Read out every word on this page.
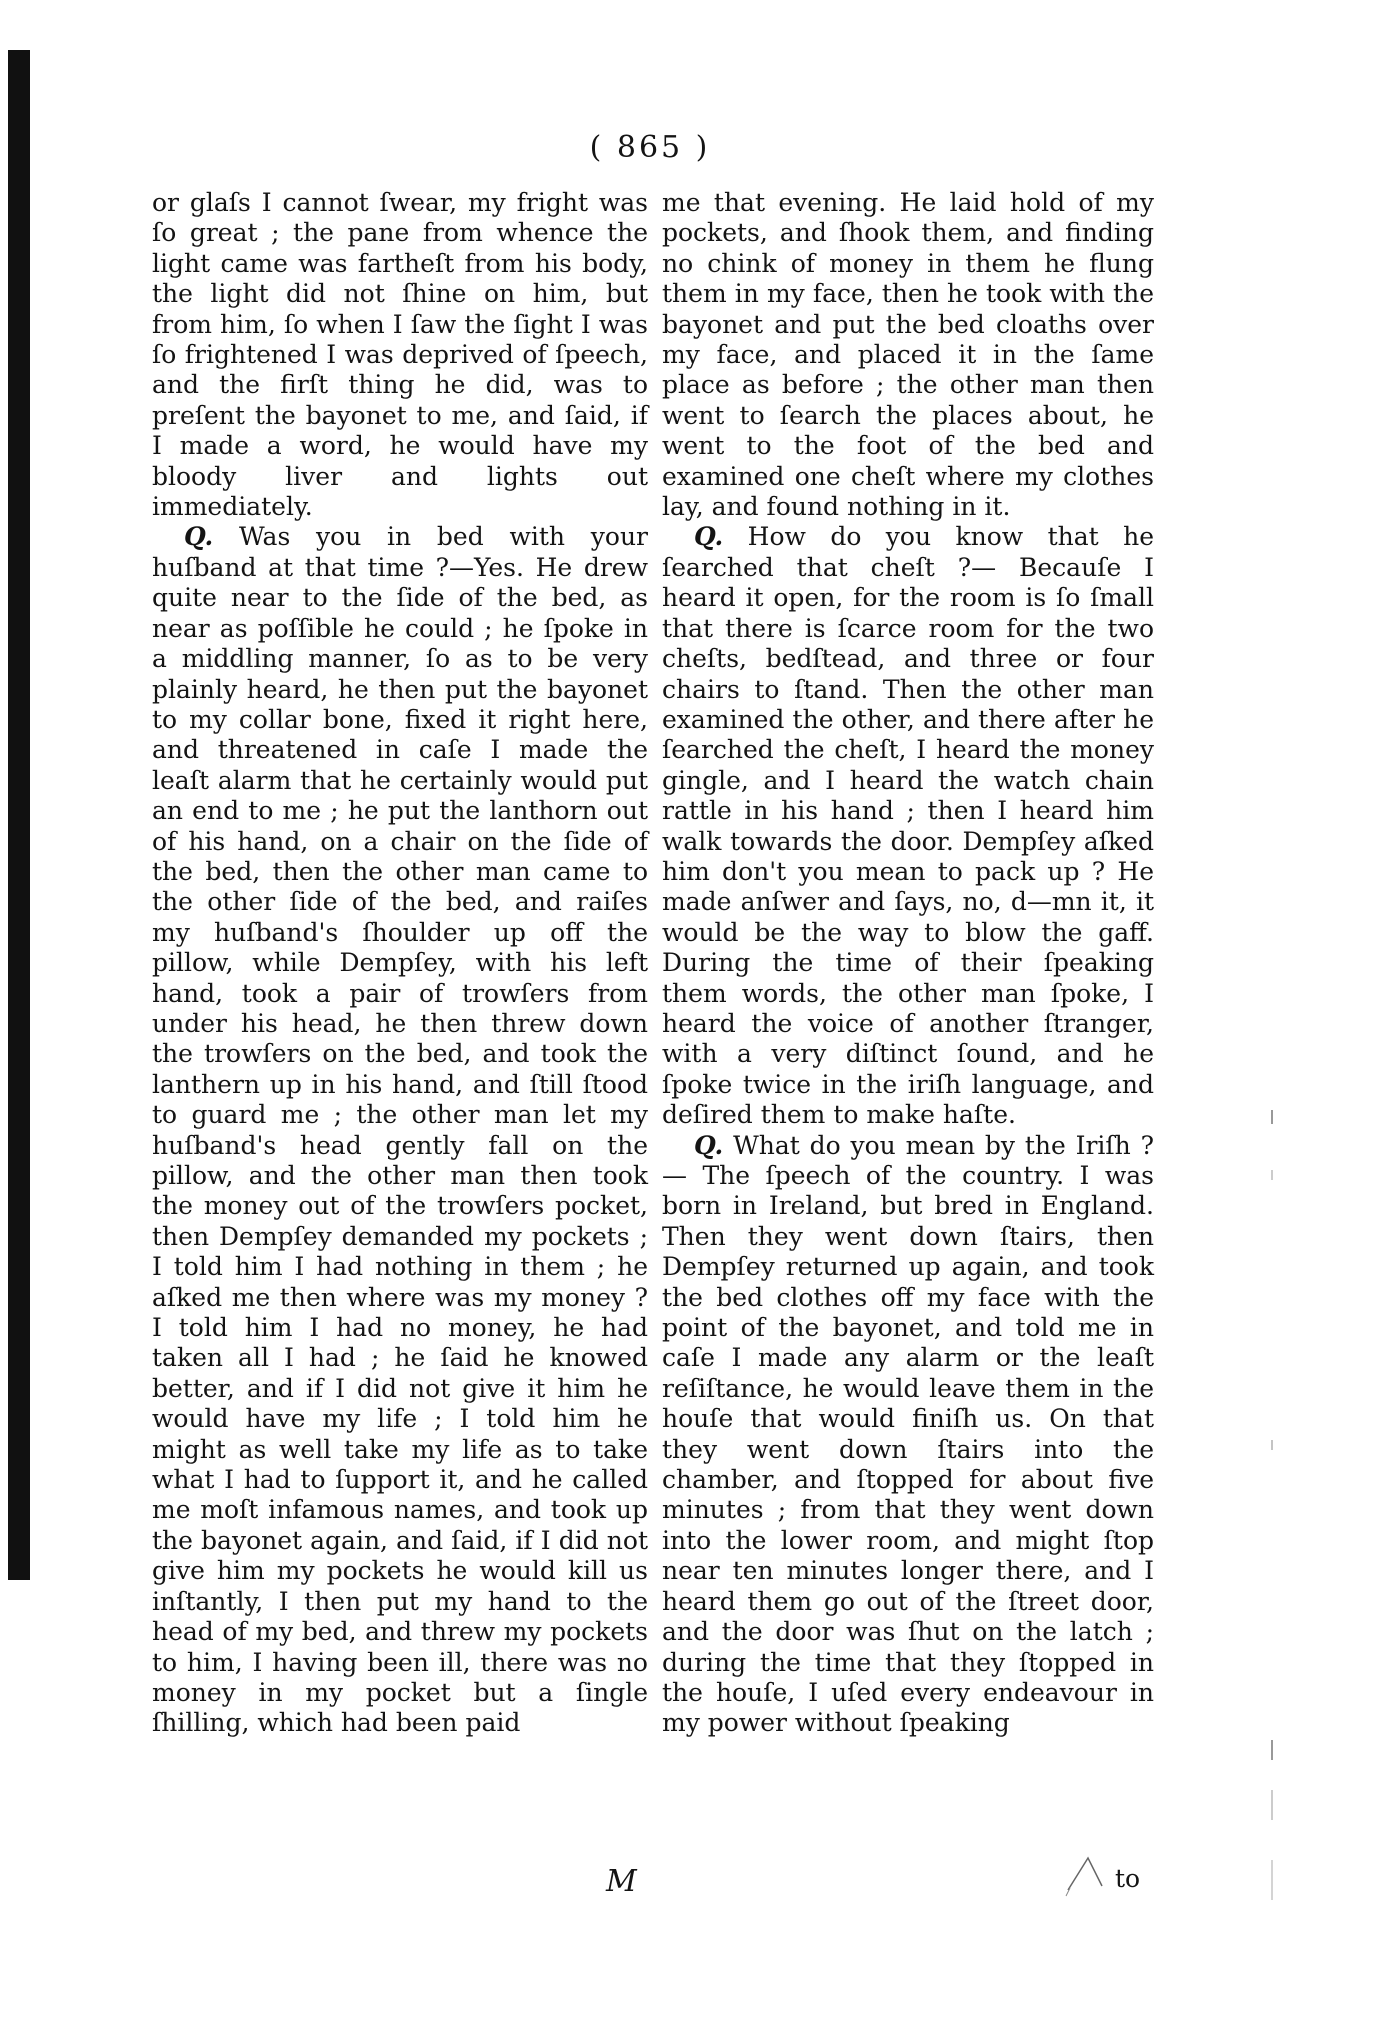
( 865 )

or glaſs I cannot ſwear, my fright was ſo great ; the pane from whence the light came was fartheſt from his body, the light did not ſhine on him, but from him, ſo when I ſaw the ſight I was ſo frightened I was deprived of ſpeech, and the firſt thing he did, was to preſent the bayonet to me, and ſaid, if I made a word, he would have my bloody liver and lights out immediately.

Q. Was you in bed with your huſband at that time ?—Yes. He drew quite near to the ſide of the bed, as near as poſſible he could ; he ſpoke in a middling manner, ſo as to be very plainly heard, he then put the bayonet to my collar bone, fixed it right here, and threatened in caſe I made the leaſt alarm that he certainly would put an end to me ; he put the lanthorn out of his hand, on a chair on the ſide of the bed, then the other man came to the other ſide of the bed, and raiſes my huſband's ſhoulder up off the pillow, while Dempſey, with his left hand, took a pair of trowſers from under his head, he then threw down the trowſers on the bed, and took the lanthern up in his hand, and ſtill ſtood to guard me ; the other man let my huſband's head gently fall on the pillow, and the other man then took the money out of the trowſers pocket, then Dempſey demanded my pockets ; I told him I had nothing in them ; he aſked me then where was my money ? I told him I had no money, he had taken all I had ; he ſaid he knowed better, and if I did not give it him he would have my life ; I told him he might as well take my life as to take what I had to ſupport it, and he called me moſt infamous names, and took up the bayonet again, and ſaid, if I did not give him my pockets he would kill us inſtantly, I then put my hand to the head of my bed, and threw my pockets to him, I having been ill, there was no money in my pocket but a ſingle ſhilling, which had been paid

me that evening. He laid hold of my pockets, and ſhook them, and finding no chink of money in them he flung them in my face, then he took with the bayonet and put the bed cloaths over my face, and placed it in the ſame place as before ; the other man then went to ſearch the places about, he went to the foot of the bed and examined one cheſt where my clothes lay, and found nothing in it.

Q. How do you know that he ſearched that cheſt ?— Becauſe I heard it open, for the room is ſo ſmall that there is ſcarce room for the two cheſts, bedſtead, and three or four chairs to ſtand. Then the other man examined the other, and there after he ſearched the cheſt, I heard the money gingle, and I heard the watch chain rattle in his hand ; then I heard him walk towards the door. Dempſey aſked him don't you mean to pack up ? He made anſwer and ſays, no, d—mn it, it would be the way to blow the gaff. During the time of their ſpeaking them words, the other man ſpoke, I heard the voice of another ſtranger, with a very diſtinct ſound, and he ſpoke twice in the iriſh language, and deſired them to make haſte.

Q. What do you mean by the Iriſh ?— The ſpeech of the country. I was born in Ireland, but bred in England. Then they went down ſtairs, then Dempſey returned up again, and took the bed clothes off my face with the point of the bayonet, and told me in caſe I made any alarm or the leaſt reſiſtance, he would leave them in the houſe that would finiſh us. On that they went down ſtairs into the chamber, and ſtopped for about five minutes ; from that they went down into the lower room, and might ſtop near ten minutes longer there, and I heard them go out of the ſtreet door, and the door was ſhut on the latch ; during the time that they ſtopped in the houſe, I uſed every endeavour in my power without ſpeaking

M	to
